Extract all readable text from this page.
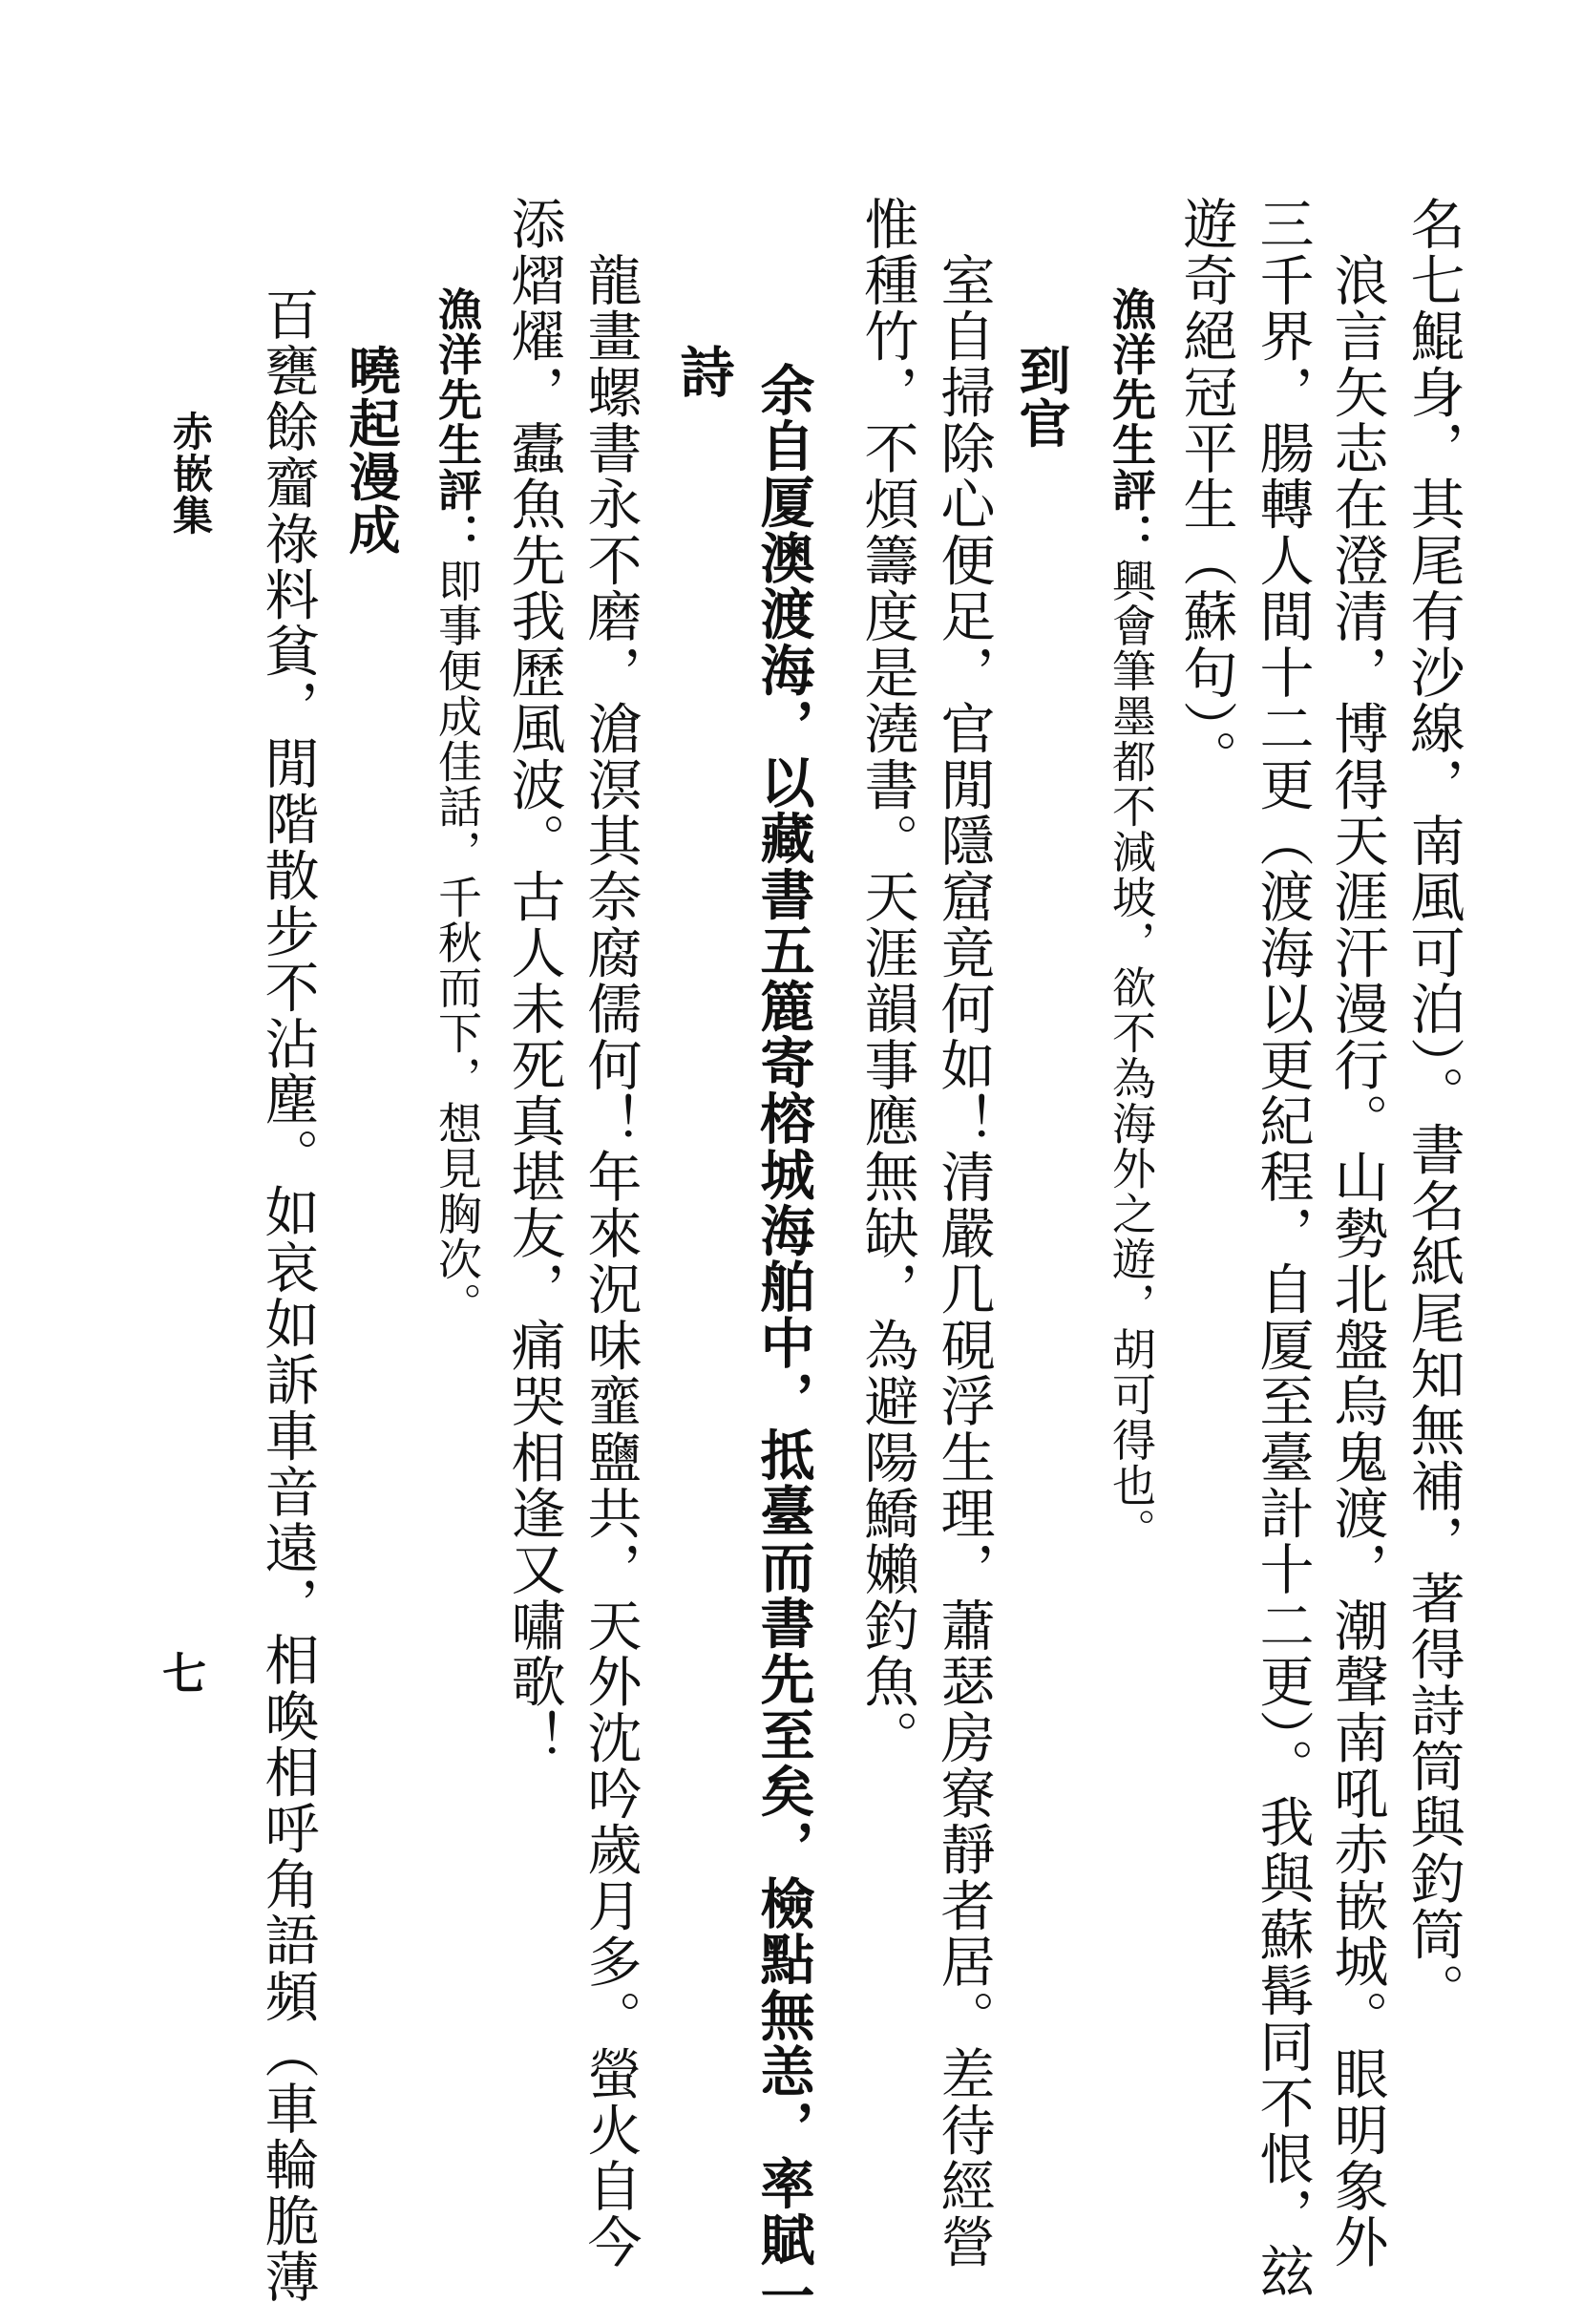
名七鯤身，其尾有沙線，南風可泊）。書名紙尾知無補，著得詩筒與釣筒。
　浪言矢志在澄清，博得天涯汗漫行。山勢北盤烏鬼渡，潮聲南吼赤嵌城。眼明象外
三千界，腸轉人間十二更（渡海以更紀程，自厦至臺計十二更）。我與蘇髯同不恨，玆
遊奇絕冠平生（蘇句）。
漁洋先生評：興會筆墨都不減坡，欲不為海外之遊，胡可得也。
到官
　室自掃除心便足，官閒隱窟竟何如！清嚴几硯浮生理，蕭瑟房寮靜者居。差待經營
惟種竹，不煩籌度是澆書。天涯韻事應無缺，為避陽鱎嬾釣魚。
　余自厦澳渡海，以藏書五簏寄榕城海舶中，抵臺而書先至矣，檢點無恙，率賦一
詩
　龍畫螺書永不磨，滄溟其奈腐儒何！年來況味韲鹽共，天外沈吟歲月多。螢火自今
添熠燿，蠹魚先我歷風波。古人未死真堪友，痛哭相逢又嘯歌！
漁洋先生評：即事便成佳話，千秋而下，想見胸次。
曉起漫成
百甕餘齏祿料貧，閒階散步不沾塵。如哀如訴車音遠，相喚相呼角語頻（車輪脆薄
赤嵌集
七
